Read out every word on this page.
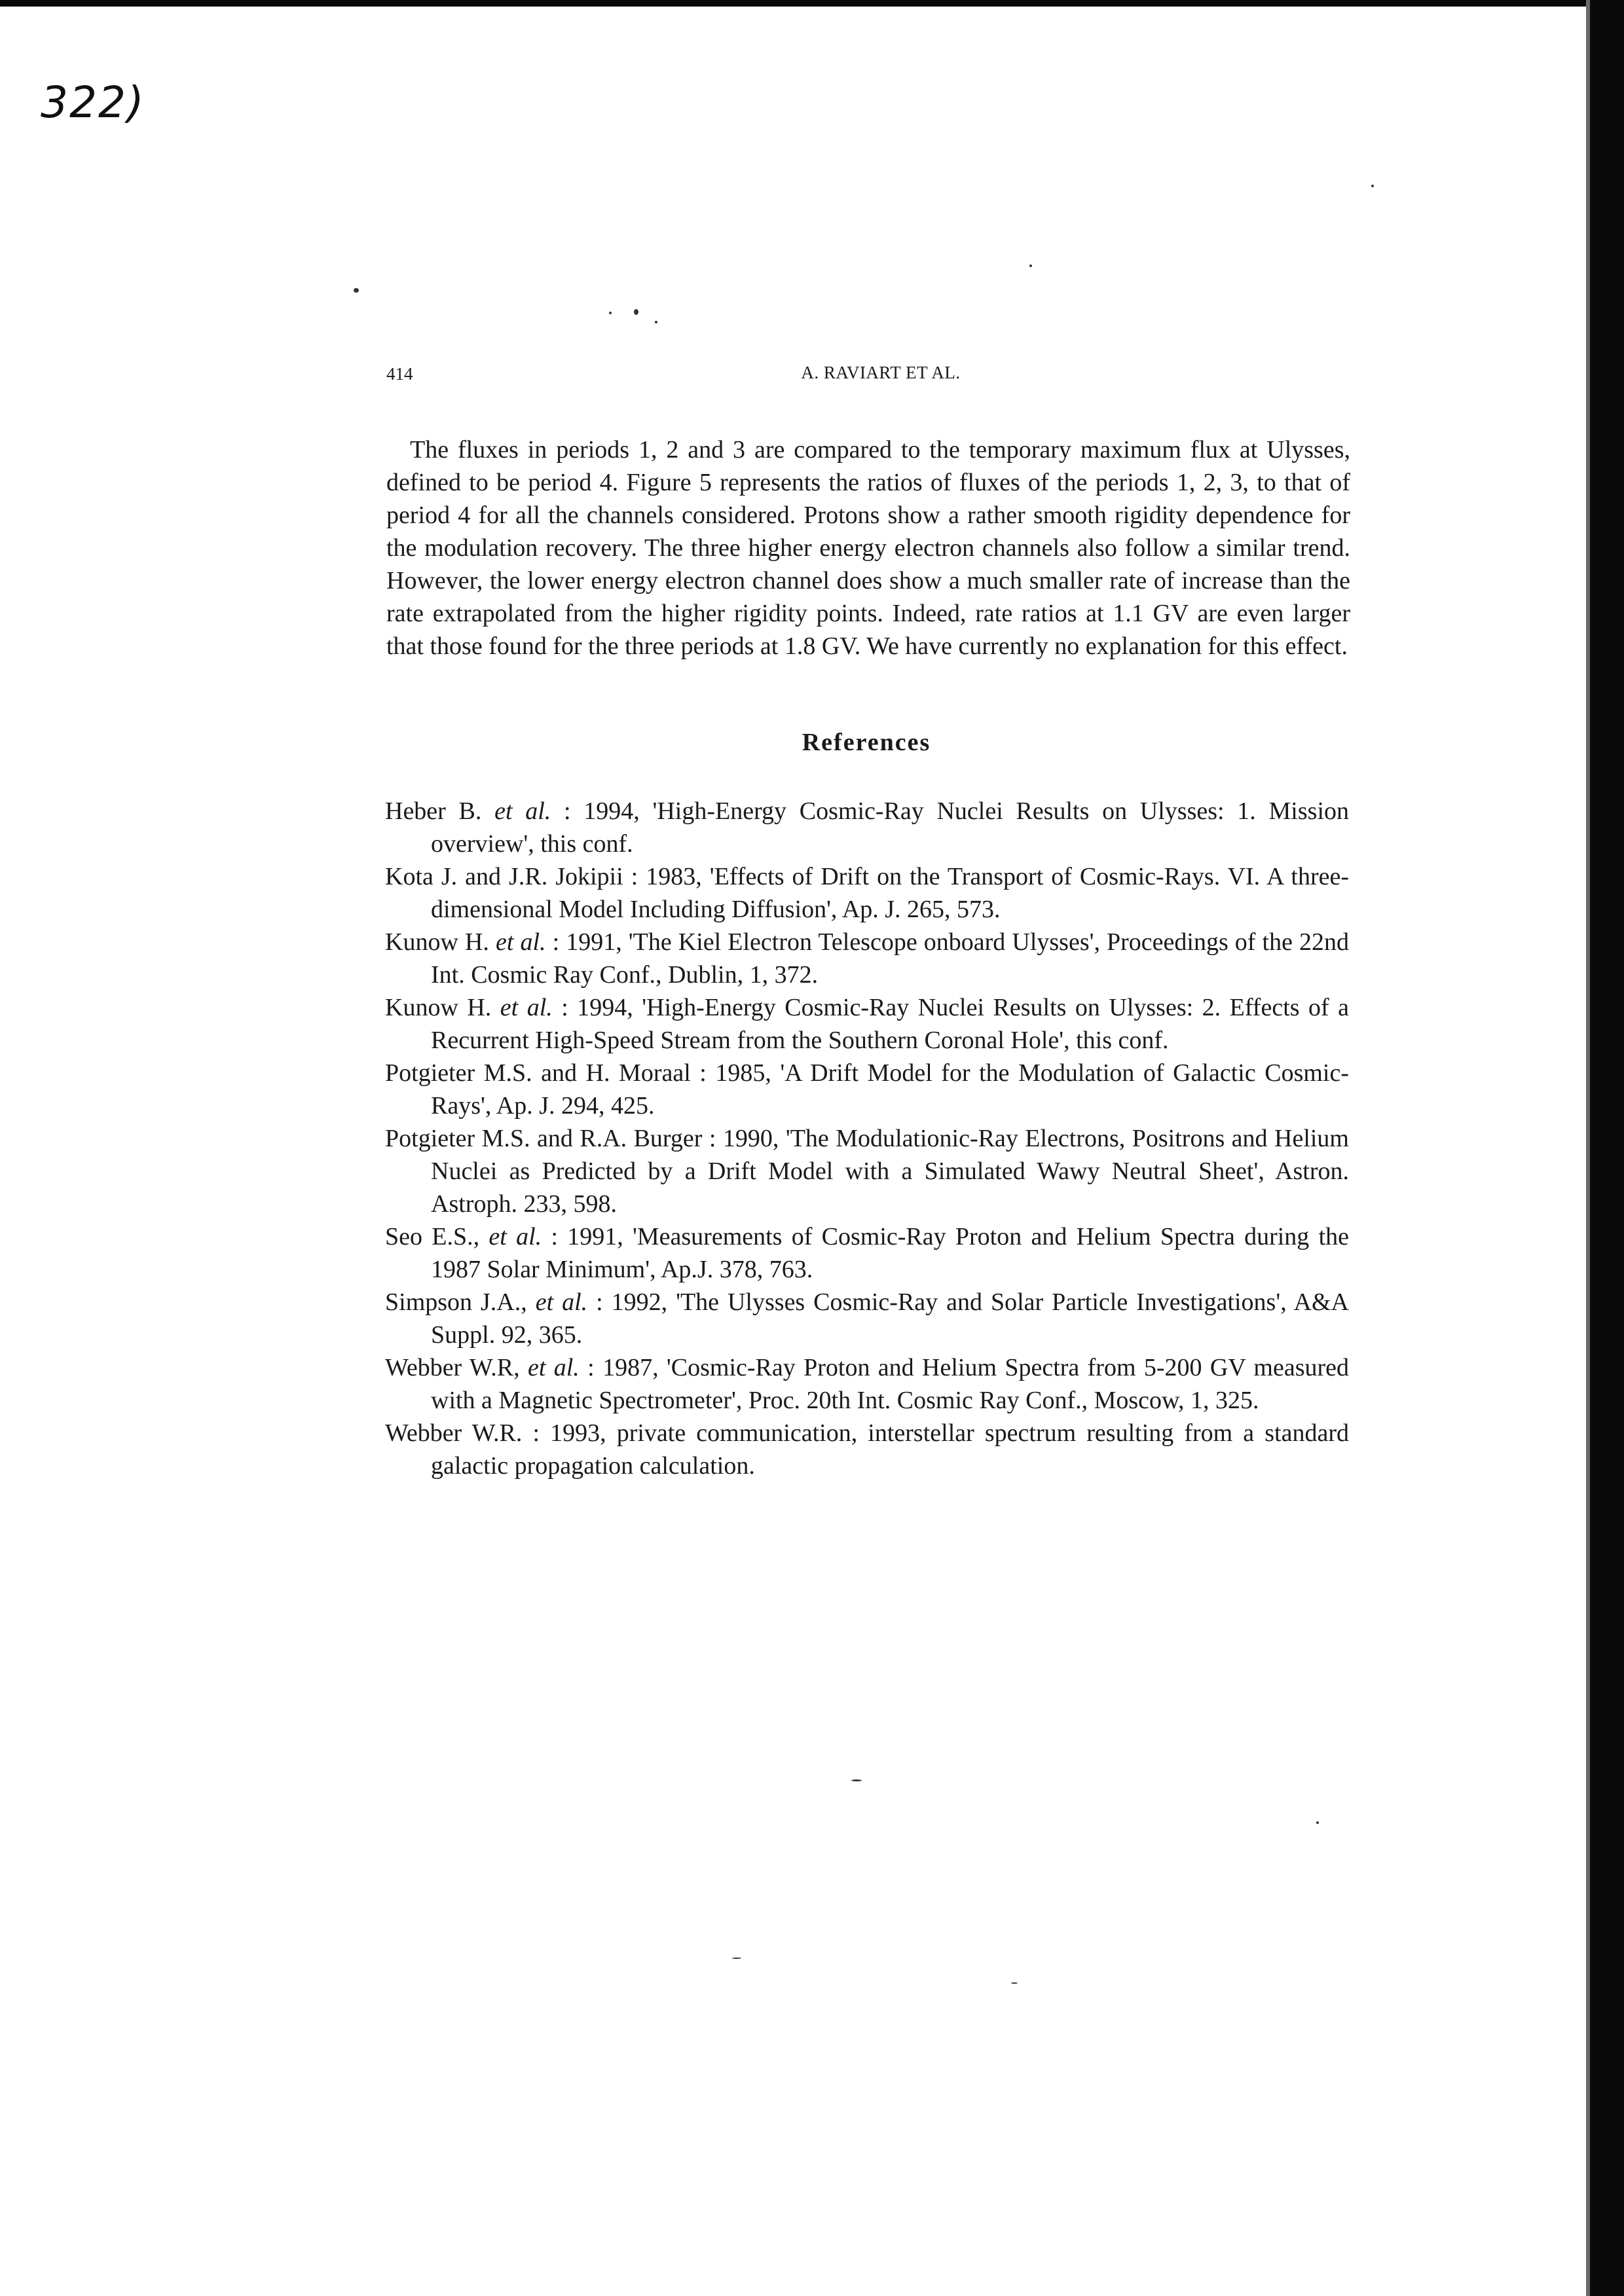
322)
414	A. RAVIART ET AL.

The fluxes in periods 1, 2 and 3 are compared to the temporary maximum flux at Ulysses, defined to be period 4. Figure 5 represents the ratios of fluxes of the periods 1, 2, 3, to that of period 4 for all the channels considered. Protons show a rather smooth rigidity dependence for the modulation recovery. The three higher energy electron channels also follow a similar trend. However, the lower energy electron channel does show a much smaller rate of increase than the rate extrapolated from the higher rigidity points. Indeed, rate ratios at 1.1 GV are even larger that those found for the three periods at 1.8 GV. We have currently no explanation for this effect.

References
Heber B. et al. : 1994, 'High-Energy Cosmic-Ray Nuclei Results on Ulysses: 1. Mission overview', this conf.
Kota J. and J.R. Jokipii : 1983, 'Effects of Drift on the Transport of Cosmic-Rays. VI. A three-dimensional Model Including Diffusion', Ap. J. 265, 573.
Kunow H. et al. : 1991, 'The Kiel Electron Telescope onboard Ulysses', Proceedings of the 22nd Int. Cosmic Ray Conf., Dublin, 1, 372.
Kunow H. et al. : 1994, 'High-Energy Cosmic-Ray Nuclei Results on Ulysses: 2. Effects of a Recurrent High-Speed Stream from the Southern Coronal Hole', this conf.
Potgieter M.S. and H. Moraal : 1985, 'A Drift Model for the Modulation of Galactic Cosmic-Rays', Ap. J. 294, 425.
Potgieter M.S. and R.A. Burger : 1990, 'The Modulationic-Ray Electrons, Positrons and Helium Nuclei as Predicted by a Drift Model with a Simulated Wawy Neutral Sheet', Astron. Astroph. 233, 598.
Seo E.S., et al. : 1991, 'Measurements of Cosmic-Ray Proton and Helium Spectra during the 1987 Solar Minimum', Ap.J. 378, 763.
Simpson J.A., et al. : 1992, 'The Ulysses Cosmic-Ray and Solar Particle Investigations', A&A Suppl. 92, 365.
Webber W.R, et al. : 1987, 'Cosmic-Ray Proton and Helium Spectra from 5-200 GV measured with a Magnetic Spectrometer', Proc. 20th Int. Cosmic Ray Conf., Moscow, 1, 325.
Webber W.R. : 1993, private communication, interstellar spectrum resulting from a standard galactic propagation calculation.
